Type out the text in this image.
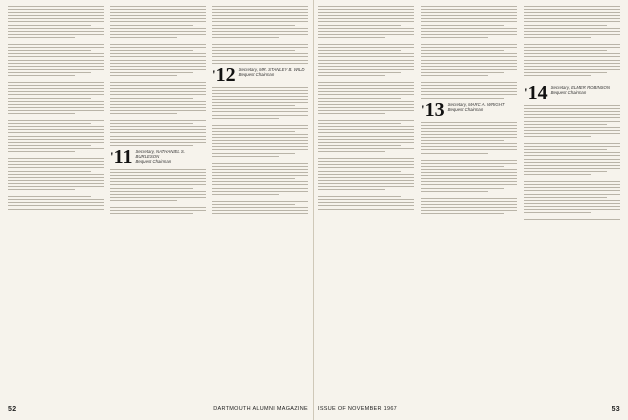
'11 Secretary, NATHANIEL S. BURLESON
Bequest Chairman
'12 Secretary, MR. STANLEY B. WILD
Bequest Chairman
52	DARTMOUTH ALUMNI MAGAZINE
'13 Secretary, MARC A. WRIGHT
Bequest Chairman
'14 Secretary, ELMER ROBINSON
Bequest Chairman
ISSUE OF NOVEMBER 1967	53
